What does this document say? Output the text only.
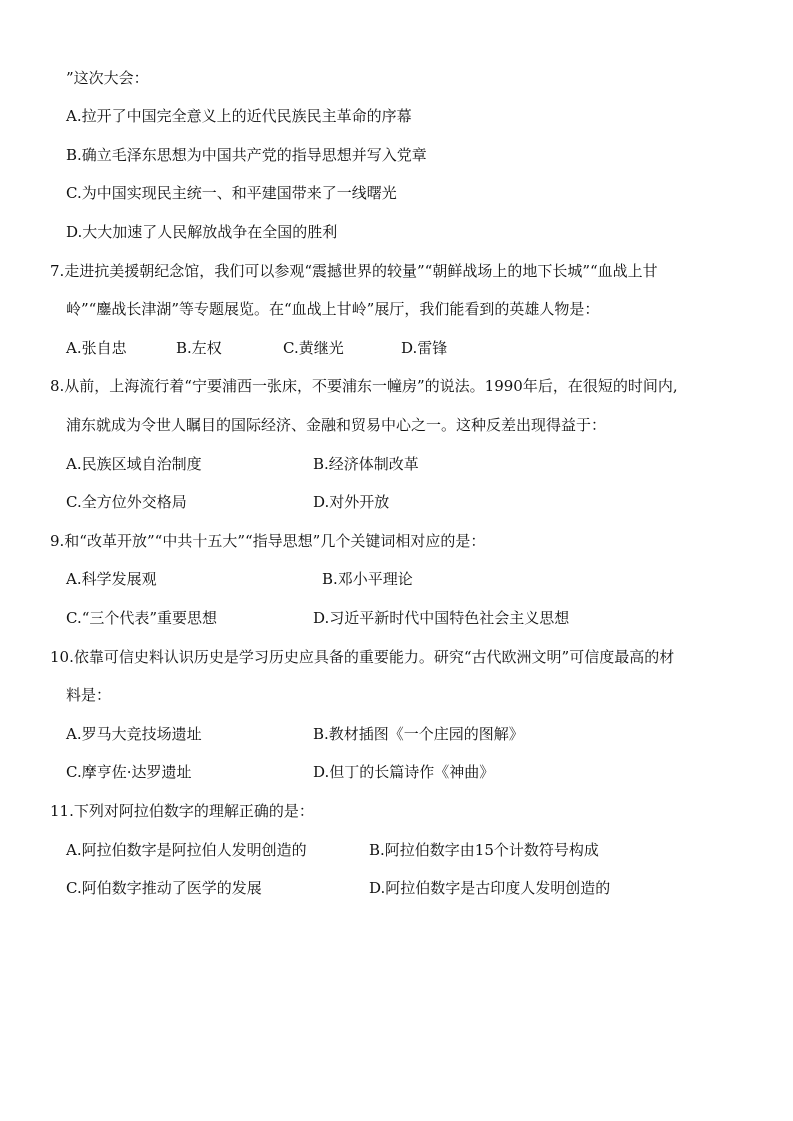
”这次大会：
A.拉开了中国完全意义上的近代民族民主革命的序幕
B.确立毛泽东思想为中国共产党的指导思想并写入党章
C.为中国实现民主统一、和平建国带来了一线曙光
D.大大加速了人民解放战争在全国的胜利
7.走进抗美援朝纪念馆，我们可以参观“震撼世界的较量”“朝鲜战场上的地下长城”“血战上甘
岭”“鏖战长津湖”等专题展览。在“血战上甘岭”展厅，我们能看到的英雄人物是：
A.张自忠	B.左权	C.黄继光	D.雷锋
8.从前，上海流行着“宁要浦西一张床，不要浦东一幢房”的说法。1990年后，在很短的时间内,
浦东就成为令世人瞩目的国际经济、金融和贸易中心之一。这种反差出现得益于：
A.民族区域自治制度	B.经济体制改革
C.全方位外交格局	D.对外开放
9.和“改革开放”“中共十五大”“指导思想”几个关键词相对应的是：
A.科学发展观	B.邓小平理论
C.“三个代表”重要思想	D.习近平新时代中国特色社会主义思想
10.依靠可信史料认识历史是学习历史应具备的重要能力。研究“古代欧洲文明”可信度最高的材
料是：
A.罗马大竞技场遗址	B.教材插图《一个庄园的图解》
C.摩亨佐·达罗遗址	D.但丁的长篇诗作《神曲》
11.下列对阿拉伯数字的理解正确的是：
A.阿拉伯数字是阿拉伯人发明创造的	B.阿拉伯数字由15个计数符号构成
C.阿伯数字推动了医学的发展	D.阿拉伯数字是古印度人发明创造的
